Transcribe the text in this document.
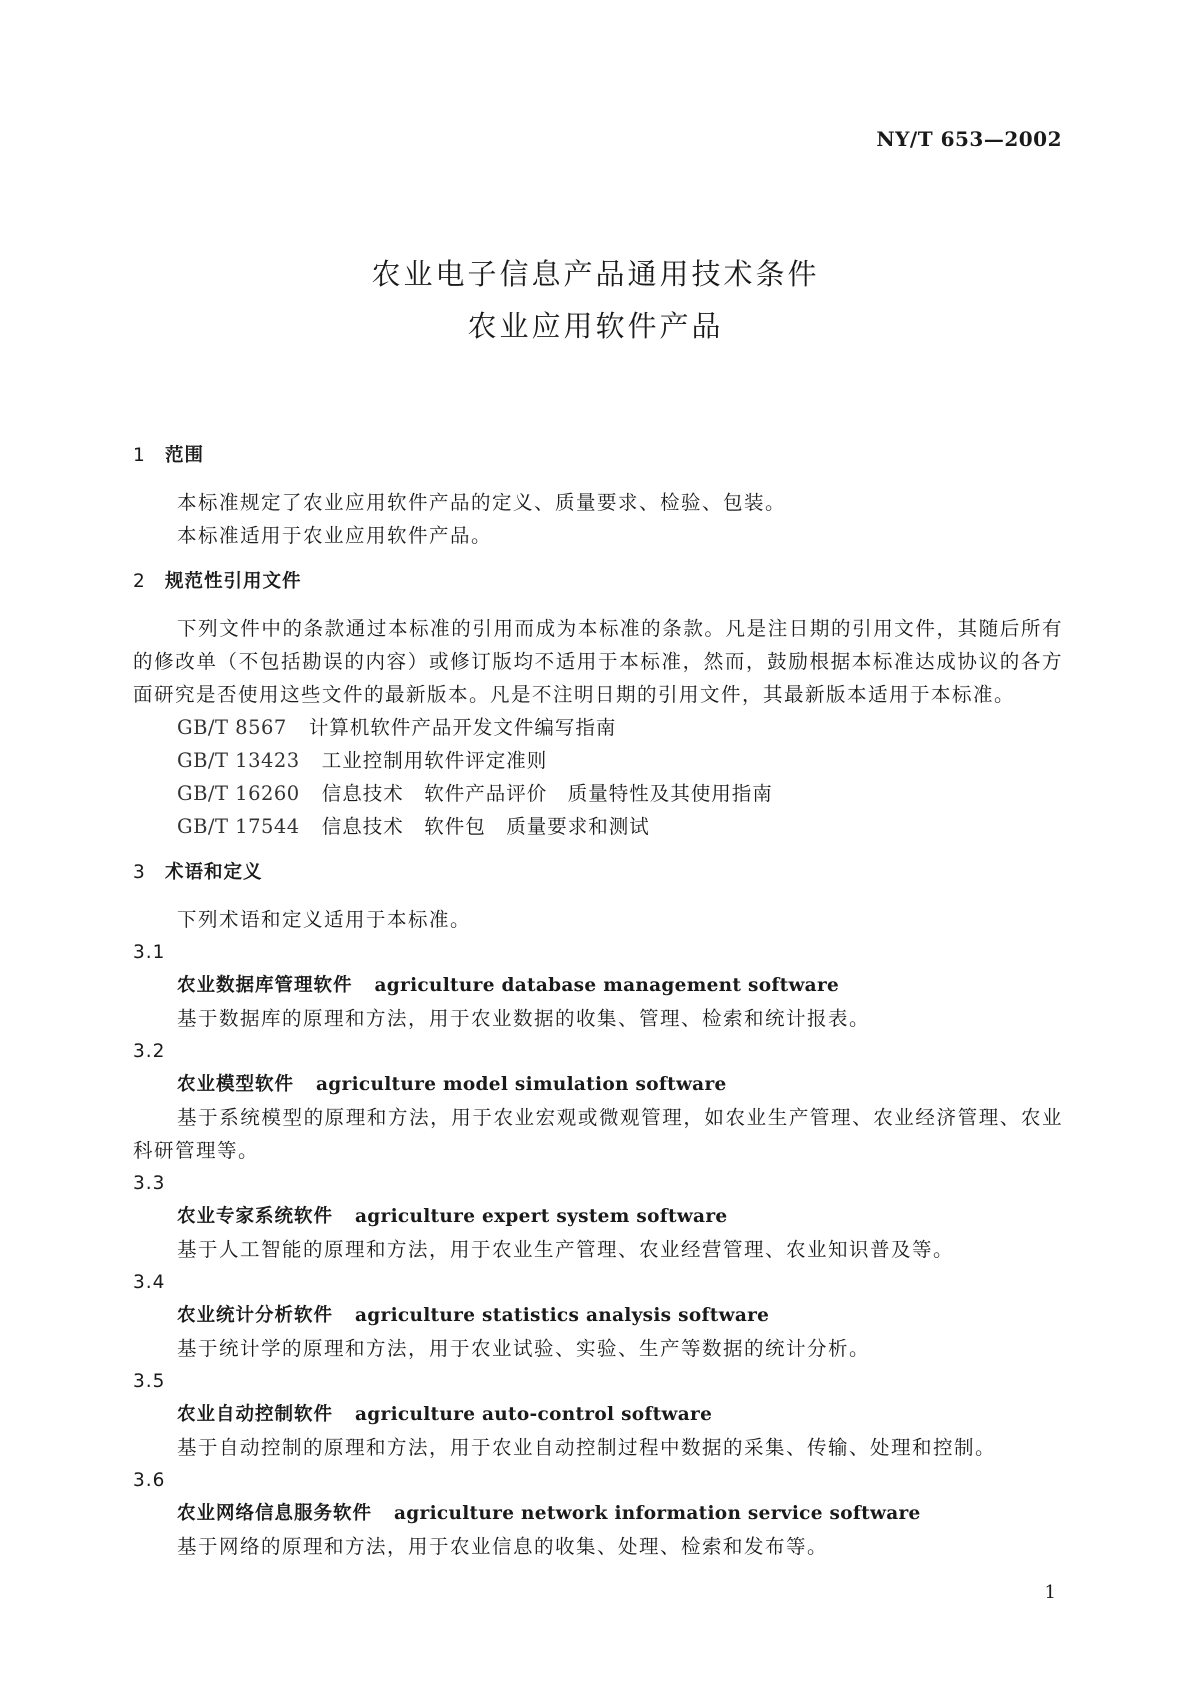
NY/T 653—2002
农业电子信息产品通用技术条件
农业应用软件产品
1 范围
本标准规定了农业应用软件产品的定义、质量要求、检验、包装。
本标准适用于农业应用软件产品。
2 规范性引用文件
下列文件中的条款通过本标准的引用而成为本标准的条款。凡是注日期的引用文件，其随后所有的修改单（不包括勘误的内容）或修订版均不适用于本标准，然而，鼓励根据本标准达成协议的各方面研究是否使用这些文件的最新版本。凡是不注明日期的引用文件，其最新版本适用于本标准。
GB/T 8567 计算机软件产品开发文件编写指南
GB/T 13423 工业控制用软件评定准则
GB/T 16260 信息技术　软件产品评价　质量特性及其使用指南
GB/T 17544 信息技术　软件包　质量要求和测试
3 术语和定义
下列术语和定义适用于本标准。
3.1
农业数据库管理软件 agriculture database management software
基于数据库的原理和方法，用于农业数据的收集、管理、检索和统计报表。
3.2
农业模型软件 agriculture model simulation software
基于系统模型的原理和方法，用于农业宏观或微观管理，如农业生产管理、农业经济管理、农业科研管理等。
3.3
农业专家系统软件 agriculture expert system software
基于人工智能的原理和方法，用于农业生产管理、农业经营管理、农业知识普及等。
3.4
农业统计分析软件 agriculture statistics analysis software
基于统计学的原理和方法，用于农业试验、实验、生产等数据的统计分析。
3.5
农业自动控制软件 agriculture auto-control software
基于自动控制的原理和方法，用于农业自动控制过程中数据的采集、传输、处理和控制。
3.6
农业网络信息服务软件 agriculture network information service software
基于网络的原理和方法，用于农业信息的收集、处理、检索和发布等。
1
